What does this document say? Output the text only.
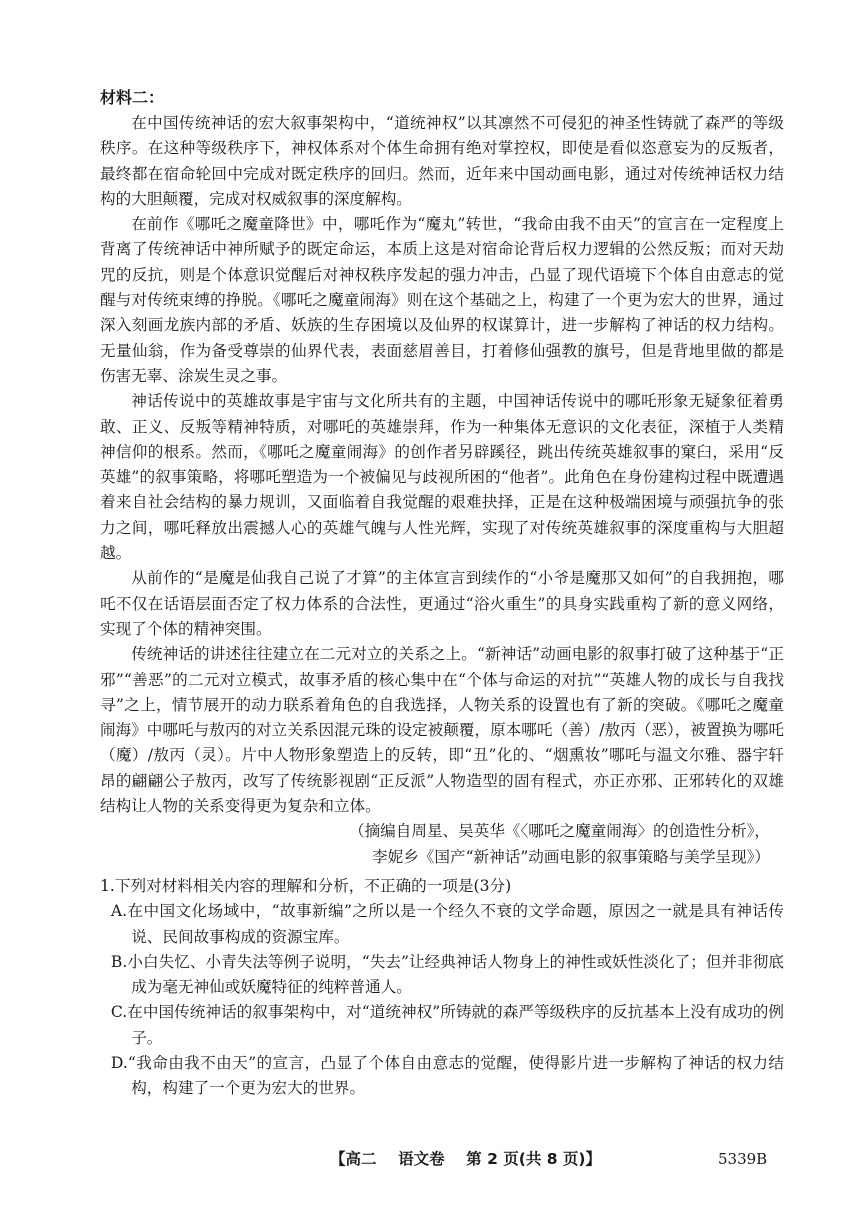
材料二：

在中国传统神话的宏大叙事架构中，“道统神权”以其凛然不可侵犯的神圣性铸就了森严的等级秩序。在这种等级秩序下，神权体系对个体生命拥有绝对掌控权，即使是看似恣意妄为的反叛者，最终都在宿命轮回中完成对既定秩序的回归。然而，近年来中国动画电影，通过对传统神话权力结构的大胆颠覆，完成对权威叙事的深度解构。

在前作《哪吒之魔童降世》中，哪吒作为“魔丸”转世，“我命由我不由天”的宣言在一定程度上背离了传统神话中神所赋予的既定命运，本质上这是对宿命论背后权力逻辑的公然反叛；而对天劫咒的反抗，则是个体意识觉醒后对神权秩序发起的强力冲击，凸显了现代语境下个体自由意志的觉醒与对传统束缚的挣脱。《哪吒之魔童闹海》则在这个基础之上，构建了一个更为宏大的世界，通过深入刻画龙族内部的矛盾、妖族的生存困境以及仙界的权谋算计，进一步解构了神话的权力结构。无量仙翁，作为备受尊崇的仙界代表，表面慈眉善目，打着修仙强教的旗号，但是背地里做的都是伤害无辜、涂炭生灵之事。

神话传说中的英雄故事是宇宙与文化所共有的主题，中国神话传说中的哪吒形象无疑象征着勇敢、正义、反叛等精神特质，对哪吒的英雄崇拜，作为一种集体无意识的文化表征，深植于人类精神信仰的根系。然而，《哪吒之魔童闹海》的创作者另辟蹊径，跳出传统英雄叙事的窠臼，采用“反英雄”的叙事策略，将哪吒塑造为一个被偏见与歧视所困的“他者”。此角色在身份建构过程中既遭遇着来自社会结构的暴力规训，又面临着自我觉醒的艰难抉择，正是在这种极端困境与顽强抗争的张力之间，哪吒释放出震撼人心的英雄气魄与人性光辉，实现了对传统英雄叙事的深度重构与大胆超越。

从前作的“是魔是仙我自己说了才算”的主体宣言到续作的“小爷是魔那又如何”的自我拥抱，哪吒不仅在话语层面否定了权力体系的合法性，更通过“浴火重生”的具身实践重构了新的意义网络，实现了个体的精神突围。

传统神话的讲述往往建立在二元对立的关系之上。“新神话”动画电影的叙事打破了这种基于“正邪”“善恶”的二元对立模式，故事矛盾的核心集中在“个体与命运的对抗”“英雄人物的成长与自我找寻”之上，情节展开的动力联系着角色的自我选择，人物关系的设置也有了新的突破。《哪吒之魔童闹海》中哪吒与敖丙的对立关系因混元珠的设定被颠覆，原本哪吒（善）/敖丙（恶），被置换为哪吒（魔）/敖丙（灵）。片中人物形象塑造上的反转，即“丑”化的、“烟熏妆”哪吒与温文尔雅、器宇轩昂的翩翩公子敖丙，改写了传统影视剧“正反派”人物造型的固有程式，亦正亦邪、正邪转化的双雄结构让人物的关系变得更为复杂和立体。

（摘编自周星、吴英华《〈哪吒之魔童闹海〉的创造性分析》，
李妮乡《国产“新神话”动画电影的叙事策略与美学呈现》）
1.下列对材料相关内容的理解和分析，不正确的一项是(3分)
A.在中国文化场域中，“故事新编”之所以是一个经久不衰的文学命题，原因之一就是具有神话传说、民间故事构成的资源宝库。
B.小白失忆、小青失法等例子说明，“失去”让经典神话人物身上的神性或妖性淡化了；但并非彻底成为毫无神仙或妖魔特征的纯粹普通人。
C.在中国传统神话的叙事架构中，对“道统神权”所铸就的森严等级秩序的反抗基本上没有成功的例子。
D.“我命由我不由天”的宣言，凸显了个体自由意志的觉醒，使得影片进一步解构了神话的权力结构，构建了一个更为宏大的世界。
【高二    语文卷    第 2 页(共 8 页)】	5339B
